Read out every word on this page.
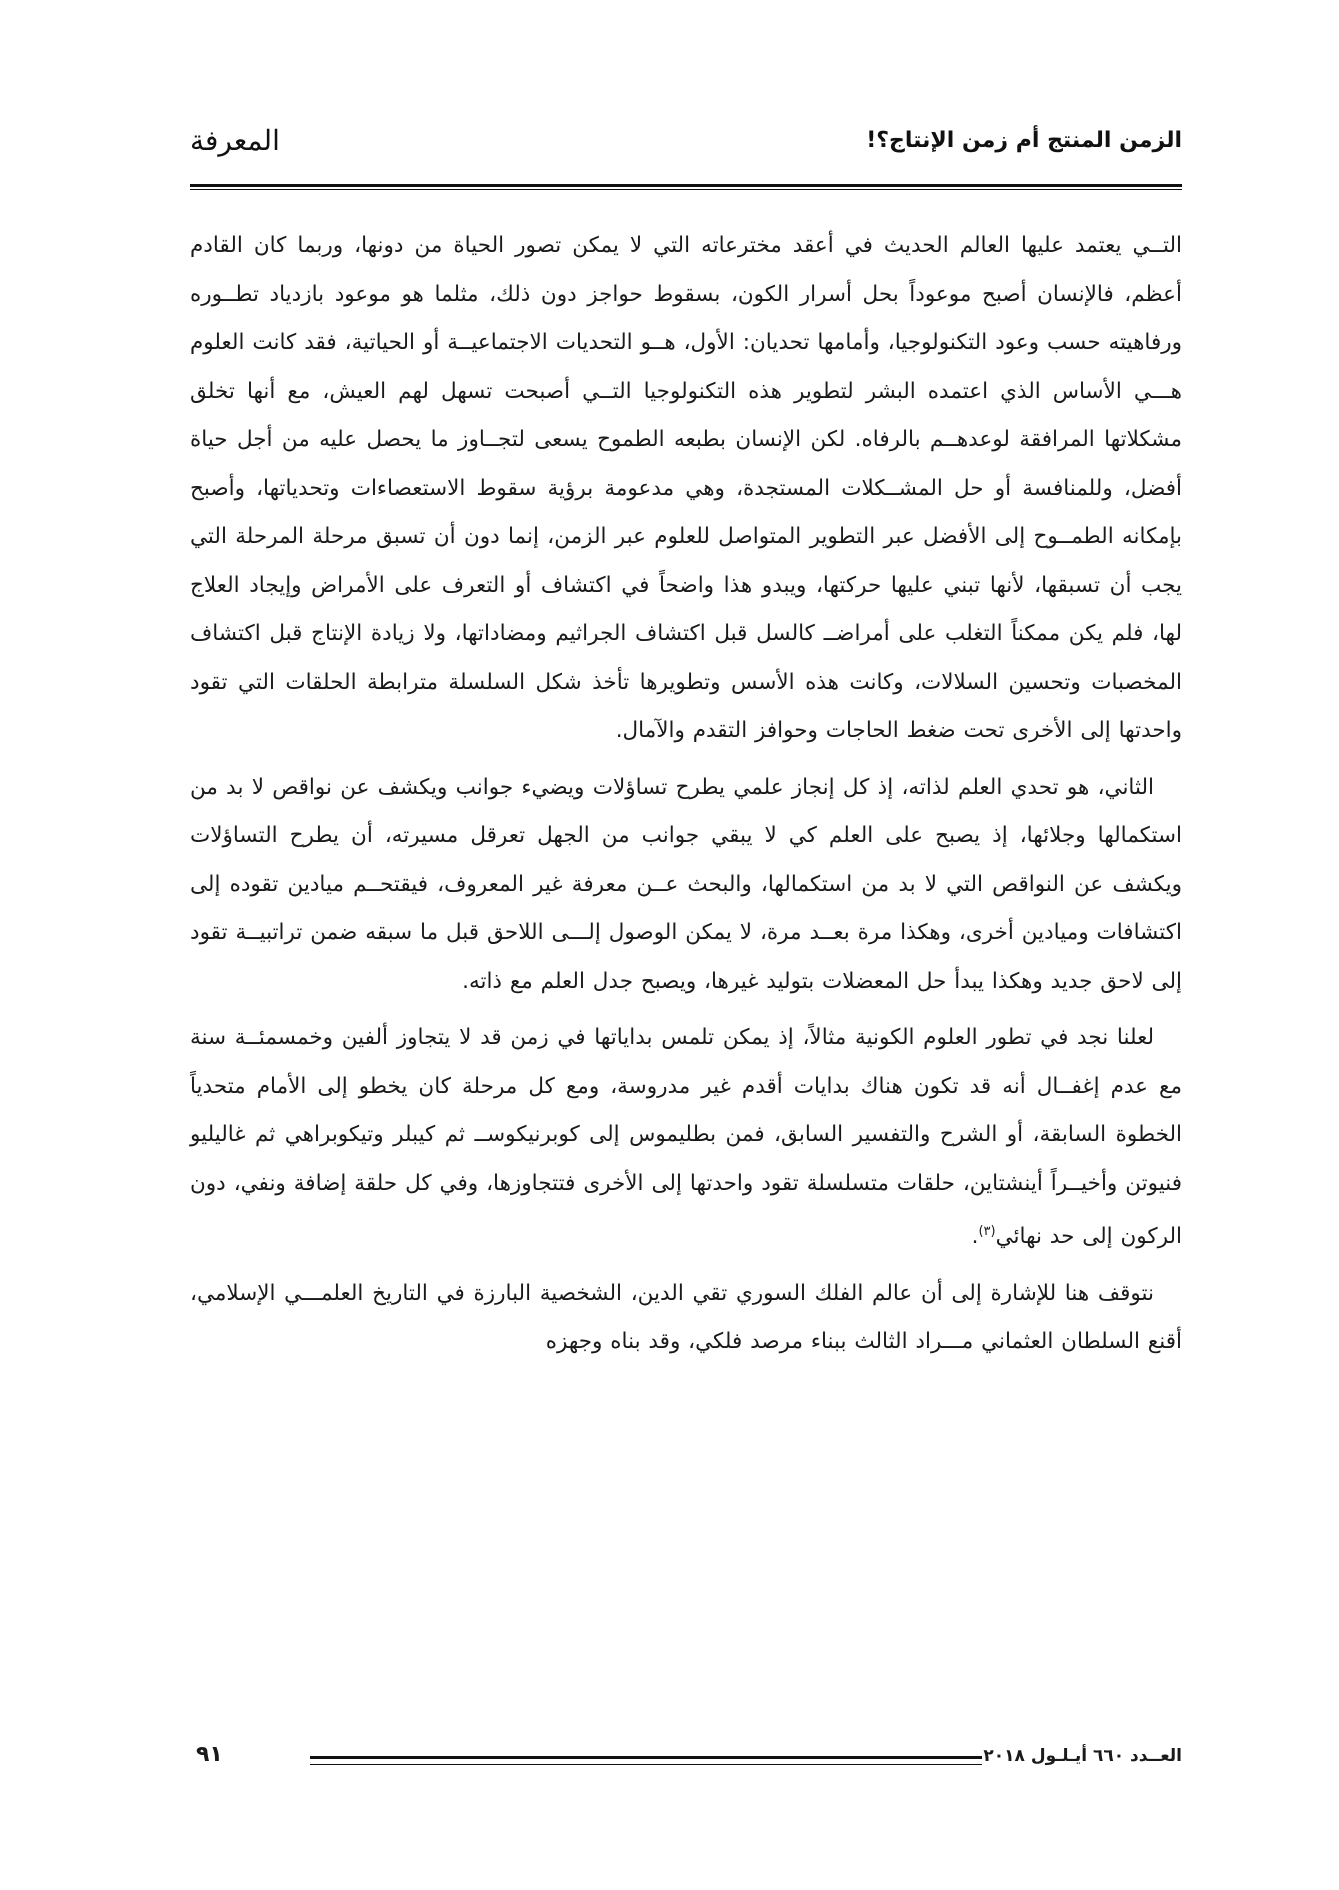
الزمن المنتج أم زمن الإنتاج؟!
المعرفة

التــي يعتمد عليها العالم الحديث في أعقد مخترعاته التي لا يمكن تصور الحياة من دونها، وربما كان القادم أعظم، فالإنسان أصبح موعوداً بحل أسرار الكون، بسقوط حواجز دون ذلك، مثلما هو موعود بازدياد تطــوره ورفاهيته حسب وعود التكنولوجيا، وأمامها تحديان: الأول، هــو التحديات الاجتماعيــة أو الحياتية، فقد كانت العلوم هـــي الأساس الذي اعتمده البشر لتطوير هذه التكنولوجيا التــي أصبحت تسهل لهم العيش، مع أنها تخلق مشكلاتها المرافقة لوعدهــم بالرفاه. لكن الإنسان بطبعه الطموح يسعى لتجــاوز ما يحصل عليه من أجل حياة أفضل، وللمنافسة أو حل المشــكلات المستجدة، وهي مدعومة برؤية سقوط الاستعصاءات وتحدياتها، وأصبح بإمكانه الطمــوح إلى الأفضل عبر التطوير المتواصل للعلوم عبر الزمن، إنما دون أن تسبق مرحلة المرحلة التي يجب أن تسبقها، لأنها تبني عليها حركتها، ويبدو هذا واضحاً في اكتشاف أو التعرف على الأمراض وإيجاد العلاج لها، فلم يكن ممكناً التغلب على أمراضــ كالسل قبل اكتشاف الجراثيم ومضاداتها، ولا زيادة الإنتاج قبل اكتشاف المخصبات وتحسين السلالات، وكانت هذه الأسس وتطويرها تأخذ شكل السلسلة مترابطة الحلقات التي تقود واحدتها إلى الأخرى تحت ضغط الحاجات وحوافز التقدم والآمال.

الثاني، هو تحدي العلم لذاته، إذ كل إنجاز علمي يطرح تساؤلات ويضيء جوانب ويكشف عن نواقص لا بد من استكمالها وجلائها، إذ يصبح على العلم كي لا يبقي جوانب من الجهل تعرقل مسيرته، أن يطرح التساؤلات ويكشف عن النواقص التي لا بد من استكمالها، والبحث عــن معرفة غير المعروف، فيقتحــم ميادين تقوده إلى اكتشافات وميادين أخرى، وهكذا مرة بعــد مرة، لا يمكن الوصول إلـــى اللاحق قبل ما سبقه ضمن تراتبيــة تقود إلى لاحق جديد وهكذا يبدأ حل المعضلات بتوليد غيرها، ويصبح جدل العلم مع ذاته.

لعلنا نجد في تطور العلوم الكونية مثالاً، إذ يمكن تلمس بداياتها في زمن قد لا يتجاوز ألفين وخمسمئــة سنة مع عدم إغفــال أنه قد تكون هناك بدايات أقدم غير مدروسة، ومع كل مرحلة كان يخطو إلى الأمام متحدياً الخطوة السابقة، أو الشرح والتفسير السابق، فمن بطليموس إلى كوبرنيكوســ ثم كيبلر وتيكوبراهي ثم غاليليو فنيوتن وأخيــراً أينشتاين، حلقات متسلسلة تقود واحدتها إلى الأخرى فتتجاوزها، وفي كل حلقة إضافة ونفي، دون الركون إلى حد نهائي$^{(٣)}$.

نتوقف هنا للإشارة إلى أن عالم الفلك السوري تقي الدين، الشخصية البارزة في التاريخ العلمـــي الإسلامي، أقنع السلطان العثماني مـــراد الثالث ببناء مرصد فلكي، وقد بناه وجهزه

العــدد ٦٦٠ أيـلـول ٢٠١٨
٩١
